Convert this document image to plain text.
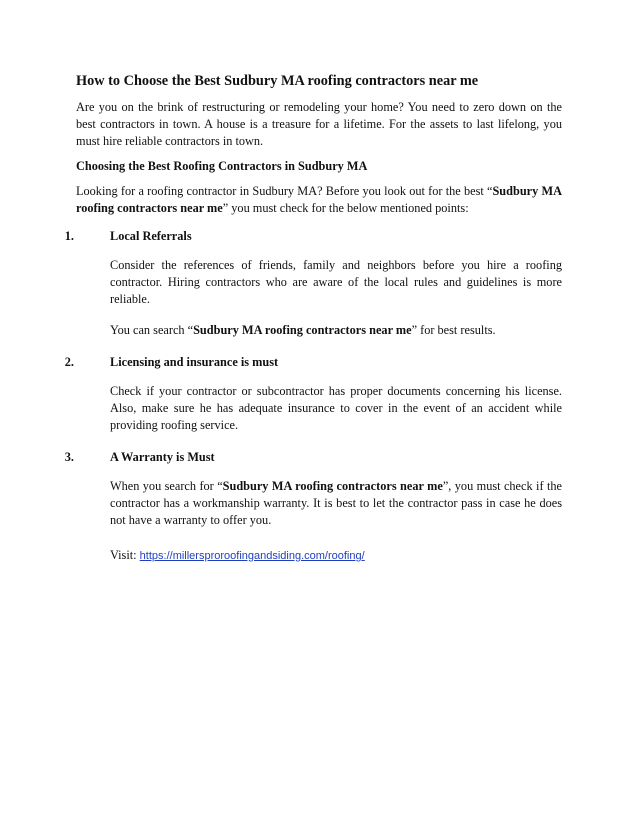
How to Choose the Best Sudbury MA roofing contractors near me

Are you on the brink of restructuring or remodeling your home? You need to zero down on the best contractors in town. A house is a treasure for a lifetime. For the assets to last lifelong, you must hire reliable contractors in town.

Choosing the Best Roofing Contractors in Sudbury MA

Looking for a roofing contractor in Sudbury MA? Before you look out for the best “Sudbury MA roofing contractors near me” you must check for the below mentioned points:

1.	Local Referrals

Consider the references of friends, family and neighbors before you hire a roofing contractor. Hiring contractors who are aware of the local rules and guidelines is more reliable.

You can search “Sudbury MA roofing contractors near me” for best results.

2.	Licensing and insurance is must

Check if your contractor or subcontractor has proper documents concerning his license. Also, make sure he has adequate insurance to cover in the event of an accident while providing roofing service.

3.	A Warranty is Must

When you search for “Sudbury MA roofing contractors near me”, you must check if the contractor has a workmanship warranty. It is best to let the contractor pass in case he does not have a warranty to offer you.

Visit: https://millersproroofingandsiding.com/roofing/
